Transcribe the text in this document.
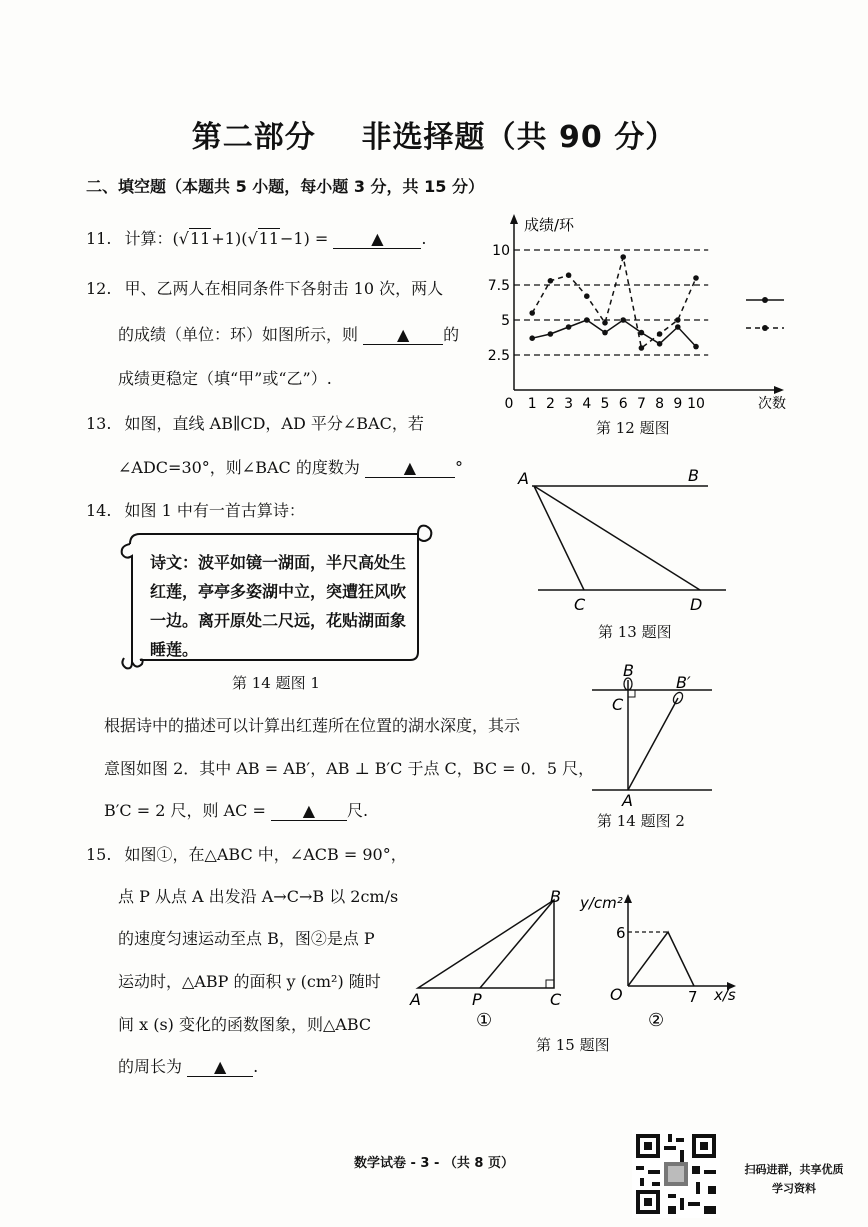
第二部分    非选择题（共 90 分）
二、填空题（本题共 5 小题，每小题 3 分，共 15 分）
11. 计算：(√11+1)(√11−1) =	▲ .
12. 甲、乙两人在相同条件下各射击 10 次，两人
的成绩（单位：环）如图所示，则 ▲ 的
成绩更稳定（填“甲”或“乙”）.
13. 如图，直线 AB∥CD，AD 平分∠BAC，若
∠ADC=30°，则∠BAC 的度数为	▲ °
14. 如图 1 中有一首古算诗：
诗文：波平如镜一湖面，半尺高处生红莲，亭亭多姿湖中立，突遭狂风吹一边。离开原处二尺远，花贴湖面象睡莲。
第 14 题图 1
根据诗中的描述可以计算出红莲所在位置的湖水深度，其示
意图如图 2．其中 AB = AB′，AB ⊥ B′C 于点 C，BC = 0．5 尺，
B′C = 2 尺，则 AC = ▲ 尺.
15. 如图①，在△ABC 中，∠ACB = 90°，
点 P 从点 A 出发沿 A→C→B 以 2cm/s
的速度匀速运动至点 B，图②是点 P
运动时，△ABP 的面积 y (cm²) 随时
间 x (s) 变化的函数图象，则△ABC
的周长为 ▲ .
成绩/环
次数
0
10
7.5
5
2.5
1 2 3 4 5 6 7 8 9 10
第 12 题图
A	B
C	D
第 13 题图
B
B′
C
A
第 14 题图 2
A
B
C
P
①
y/cm²
x/s
O
6
7
②
第 15 题图
数学试卷 - 3 - （共 8 页）	扫码进群，共享优质
学习资料
